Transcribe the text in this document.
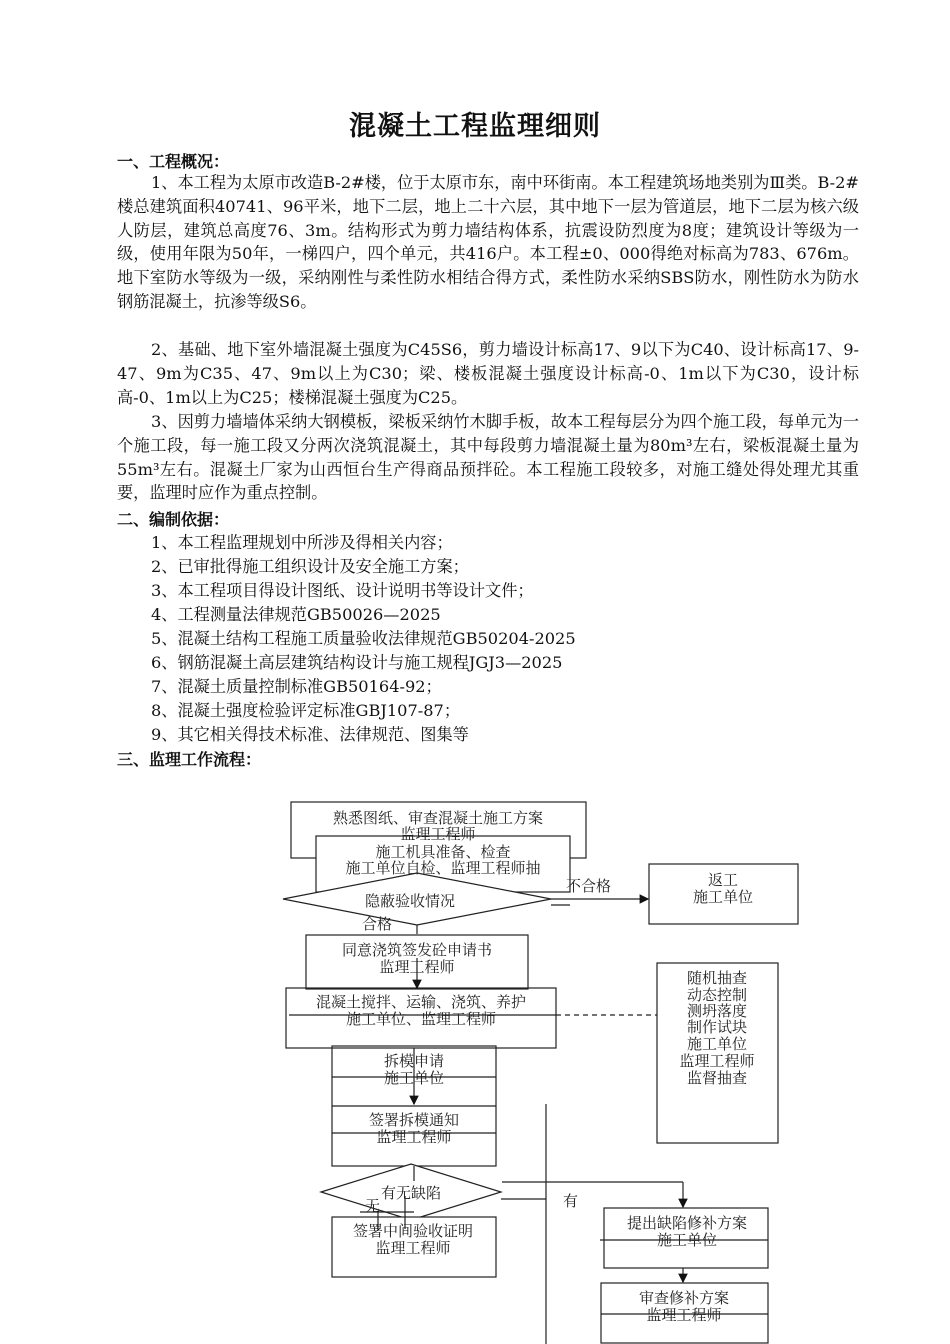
混凝土工程监理细则
一、工程概况：
1、本工程为太原市改造B-2#楼，位于太原市东，南中环街南。本工程建筑场地类别为Ⅲ类。B-2#楼总建筑面积40741、96平米，地下二层，地上二十六层，其中地下一层为管道层，地下二层为核六级人防层，建筑总高度76、3m。结构形式为剪力墙结构体系，抗震设防烈度为8度；建筑设计等级为一级，使用年限为50年，一梯四户，四个单元，共416户。本工程±0、000得绝对标高为783、676m。地下室防水等级为一级，采纳刚性与柔性防水相结合得方式，柔性防水采纳SBS防水，刚性防水为防水钢筋混凝土，抗渗等级S6。
2、基础、地下室外墙混凝土强度为C45S6，剪力墙设计标高17、9以下为C40、设计标高17、9-47、9m为C35、47、9m以上为C30；梁、楼板混凝土强度设计标高-0、1m以下为C30，设计标高-0、1m以上为C25；楼梯混凝土强度为C25。
3、因剪力墙墙体采纳大钢模板，梁板采纳竹木脚手板，故本工程每层分为四个施工段，每单元为一个施工段，每一施工段又分两次浇筑混凝土，其中每段剪力墙混凝土量为80m³左右，梁板混凝土量为55m³左右。混凝土厂家为山西恒台生产得商品预拌砼。本工程施工段较多，对施工缝处得处理尤其重要，监理时应作为重点控制。
二、编制依据：
1、本工程监理规划中所涉及得相关内容；
2、已审批得施工组织设计及安全施工方案；
3、本工程项目得设计图纸、设计说明书等设计文件；
4、工程测量法律规范GB50026—2025
5、混凝土结构工程施工质量验收法律规范GB50204-2025
6、钢筋混凝土高层建筑结构设计与施工规程JGJ3—2025
7、混凝土质量控制标准GB50164-92；
8、混凝土强度检验评定标准GBJ107-87；
9、其它相关得技术标准、法律规范、图集等
三、监理工作流程：
熟悉图纸、审查混凝土施工方案
监理工程师
施工机具准备、检查
施工单位自检、监理工程师抽
隐蔽验收情况
不合格
合格
返工
施工单位
同意浇筑签发砼申请书
监理工程师
混凝土搅拌、运输、浇筑、养护
施工单位、监理工程师
随机抽查
动态控制
测坍落度
制作试块
施工单位
监理工程师
监督抽查
拆模申请
施工单位
签署拆模通知
监理工程师
有无缺陷
无	有
签署中间验收证明
监理工程师
提出缺陷修补方案
施工单位
审查修补方案
监理工程师
